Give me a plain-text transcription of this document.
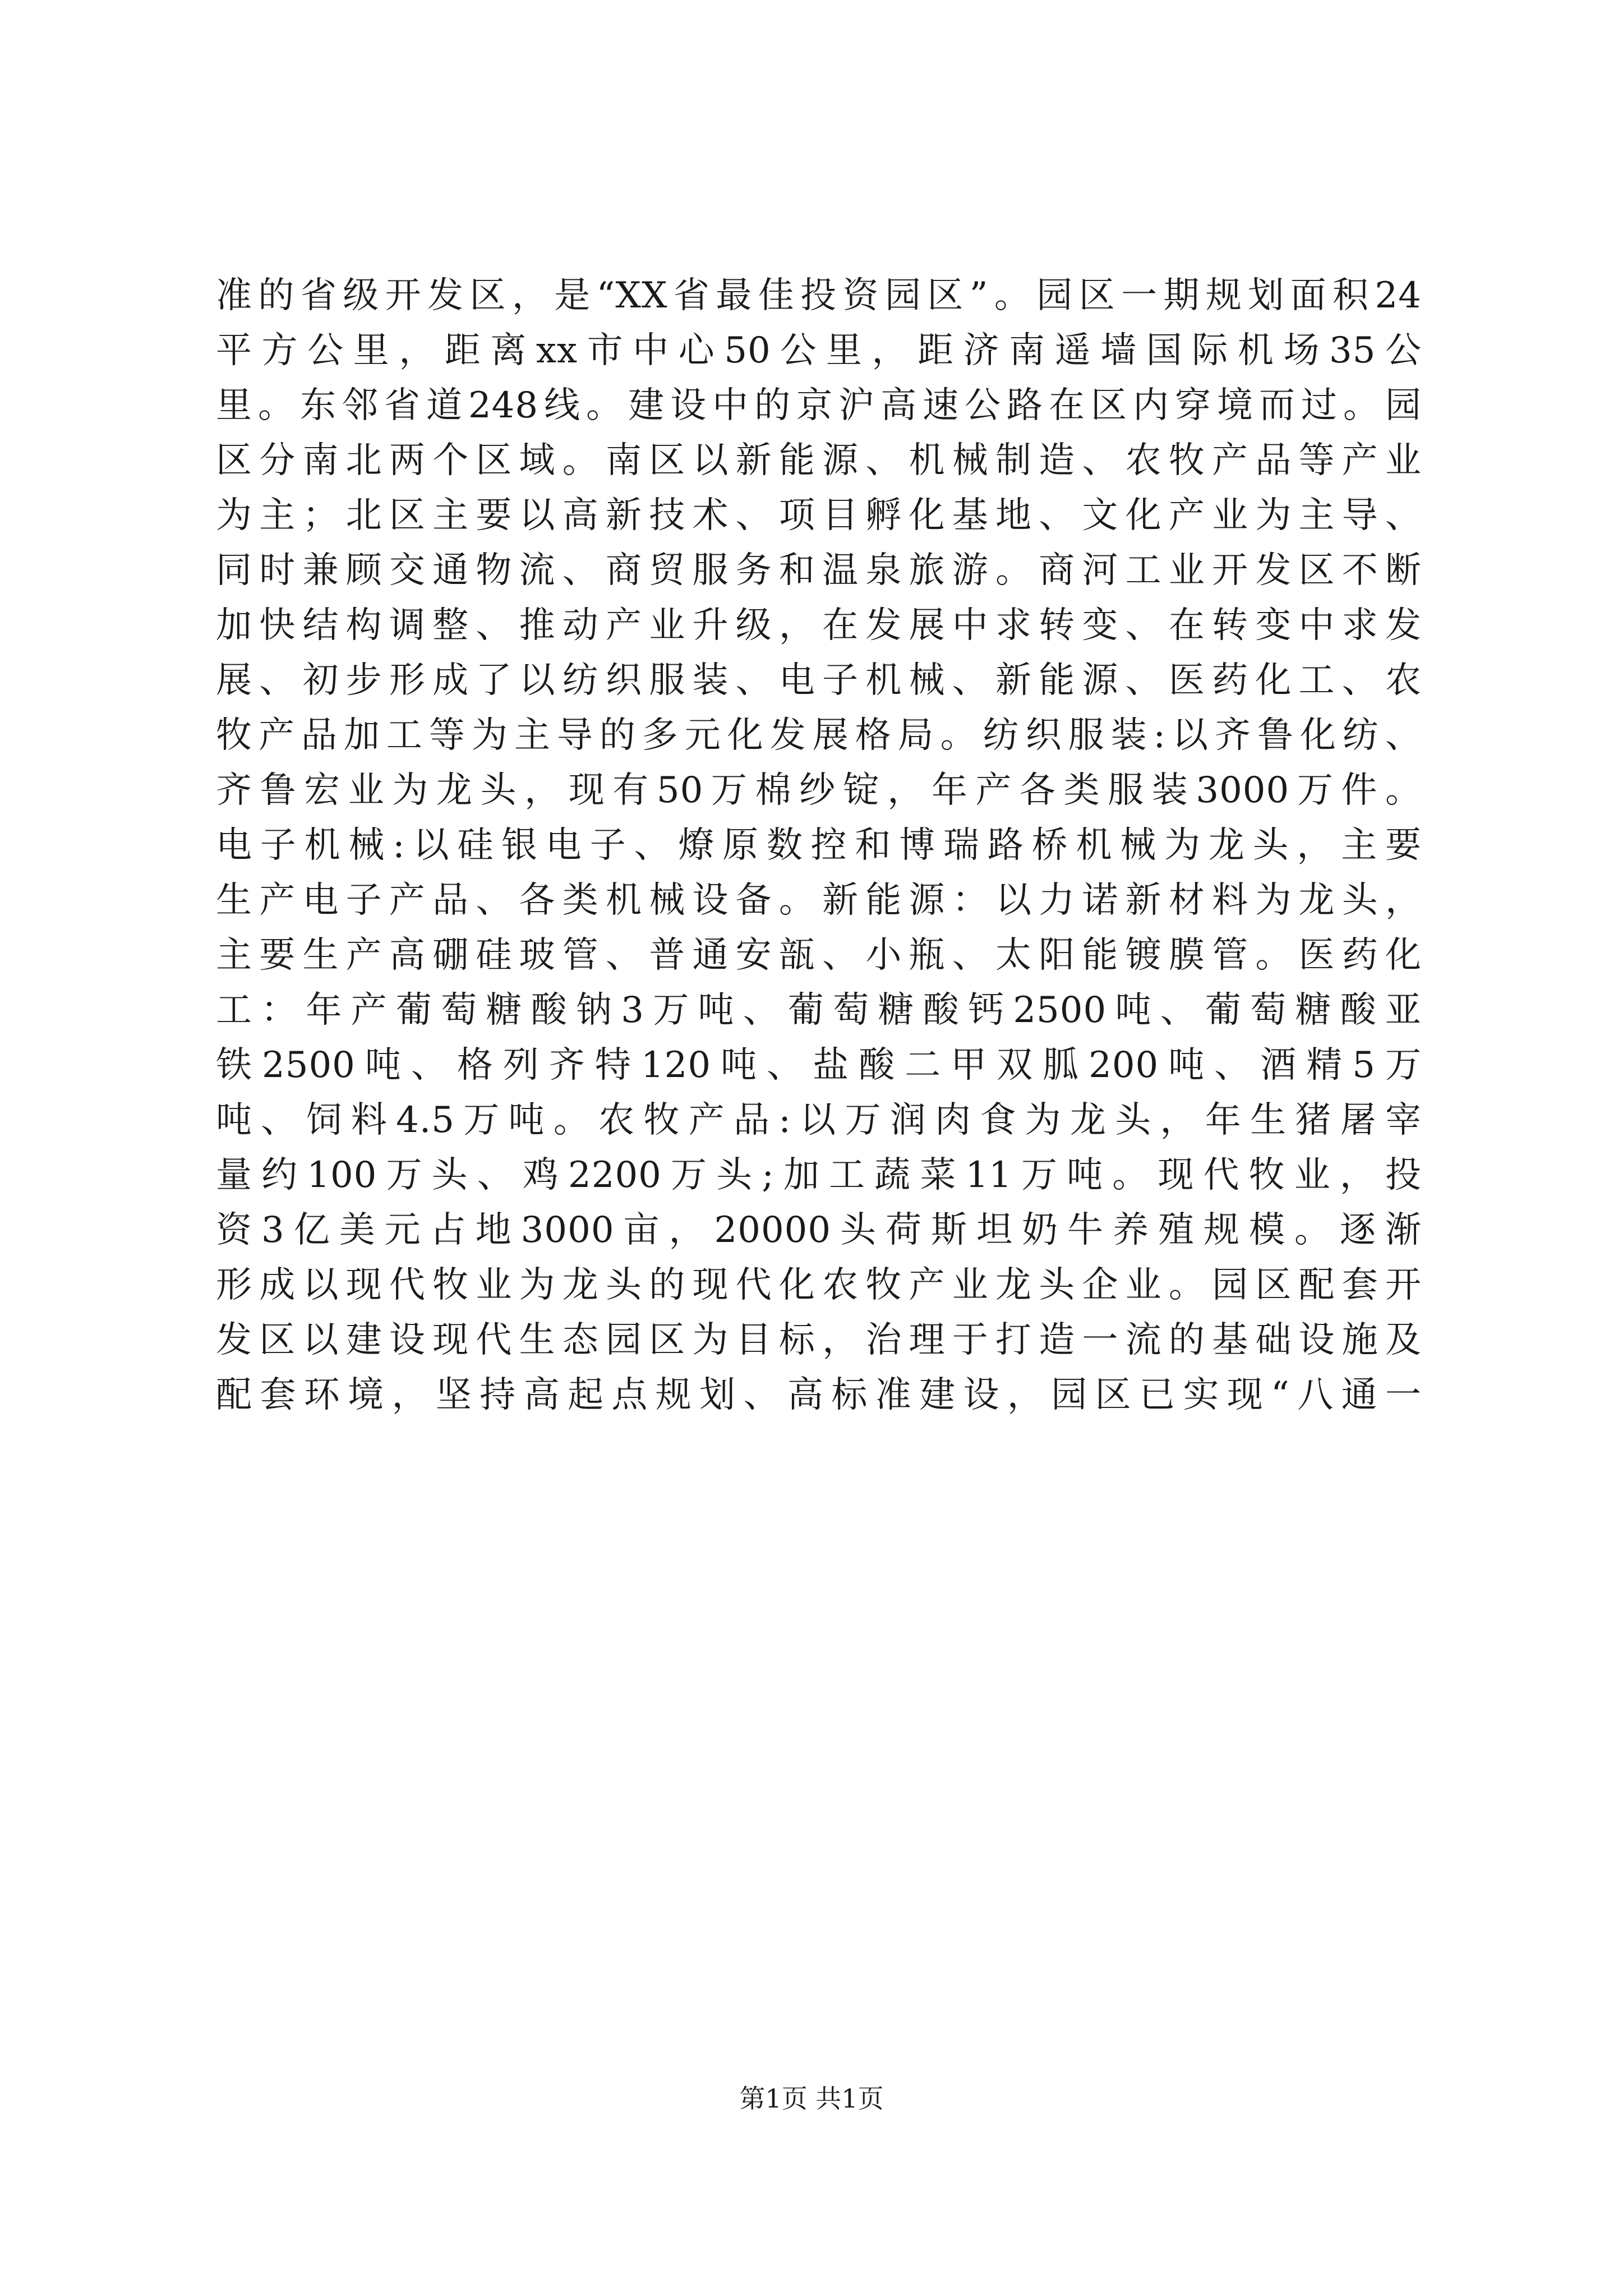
准的省级开发区，是“XX省最佳投资园区”。园区一期规划面积24
平方公里，距离xx市中心50公里，距济南遥墙国际机场35公
里。东邻省道248线。建设中的京沪高速公路在区内穿境而过。园
区分南北两个区域。南区以新能源、机械制造、农牧产品等产业
为主；北区主要以高新技术、项目孵化基地、文化产业为主导、
同时兼顾交通物流、商贸服务和温泉旅游。商河工业开发区不断
加快结构调整、推动产业升级，在发展中求转变、在转变中求发
展、初步形成了以纺织服装、电子机械、新能源、医药化工、农
牧产品加工等为主导的多元化发展格局。纺织服装:以齐鲁化纺、
齐鲁宏业为龙头，现有50万棉纱锭，年产各类服装3000万件。
电子机械:以硅银电子、燎原数控和博瑞路桥机械为龙头，主要
生产电子产品、各类机械设备。新能源：以力诺新材料为龙头，
主要生产高硼硅玻管、普通安瓿、小瓶、太阳能镀膜管。医药化
工：年产葡萄糖酸钠3万吨、葡萄糖酸钙2500吨、葡萄糖酸亚
铁2500吨、格列齐特120吨、盐酸二甲双胍200吨、酒精5万
吨、饲料4.5万吨。农牧产品:以万润肉食为龙头，年生猪屠宰
量约100万头、鸡2200万头;加工蔬菜11万吨。现代牧业，投
资3亿美元占地3000亩，20000头荷斯坦奶牛养殖规模。逐渐
形成以现代牧业为龙头的现代化农牧产业龙头企业。园区配套开
发区以建设现代生态园区为目标，治理于打造一流的基础设施及
配套环境，坚持高起点规划、高标准建设，园区已实现“八通一
第1页 共1页
